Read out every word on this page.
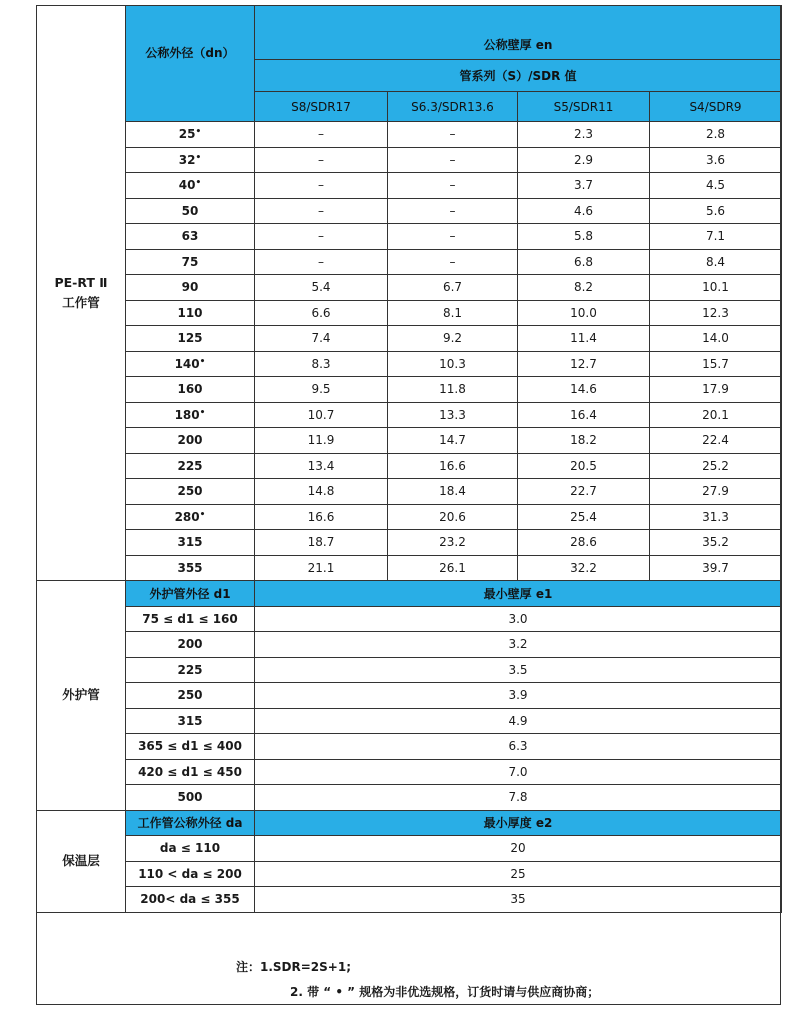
PE-RT Ⅱ
工作管	公称外径（dn）	公称壁厚 en			
		管系列（S）/SDR 值			
		S8/SDR17	S6.3/SDR13.6	S5/SDR11	S4/SDR9
	25•	–	–	2.3	2.8
	32•	–	–	2.9	3.6
	40•	–	–	3.7	4.5
	50	–	–	4.6	5.6
	63	–	–	5.8	7.1
	75	–	–	6.8	8.4
	90	5.4	6.7	8.2	10.1
	110	6.6	8.1	10.0	12.3
	125	7.4	9.2	11.4	14.0
	140•	8.3	10.3	12.7	15.7
	160	9.5	11.8	14.6	17.9
	180•	10.7	13.3	16.4	20.1
	200	11.9	14.7	18.2	22.4
	225	13.4	16.6	20.5	25.2
	250	14.8	18.4	22.7	27.9
	280•	16.6	20.6	25.4	31.3
	315	18.7	23.2	28.6	35.2
	355	21.1	26.1	32.2	39.7
外护管	外护管外径 d1	最小壁厚 e1			
	75 ≤ d1 ≤ 160	3.0			
	200	3.2			
	225	3.5			
	250	3.9			
	315	4.9			
	365 ≤ d1 ≤ 400	6.3			
	420 ≤ d1 ≤ 450	7.0			
	500	7.8			
保温层	工作管公称外径 da	最小厚度 e2			
	da ≤ 110	20			
	110 < da ≤ 200	25			
	200< da ≤ 355	35			
注：1.SDR=2S+1;
2. 带 “ • ” 规格为非优选规格，订货时请与供应商协商；
